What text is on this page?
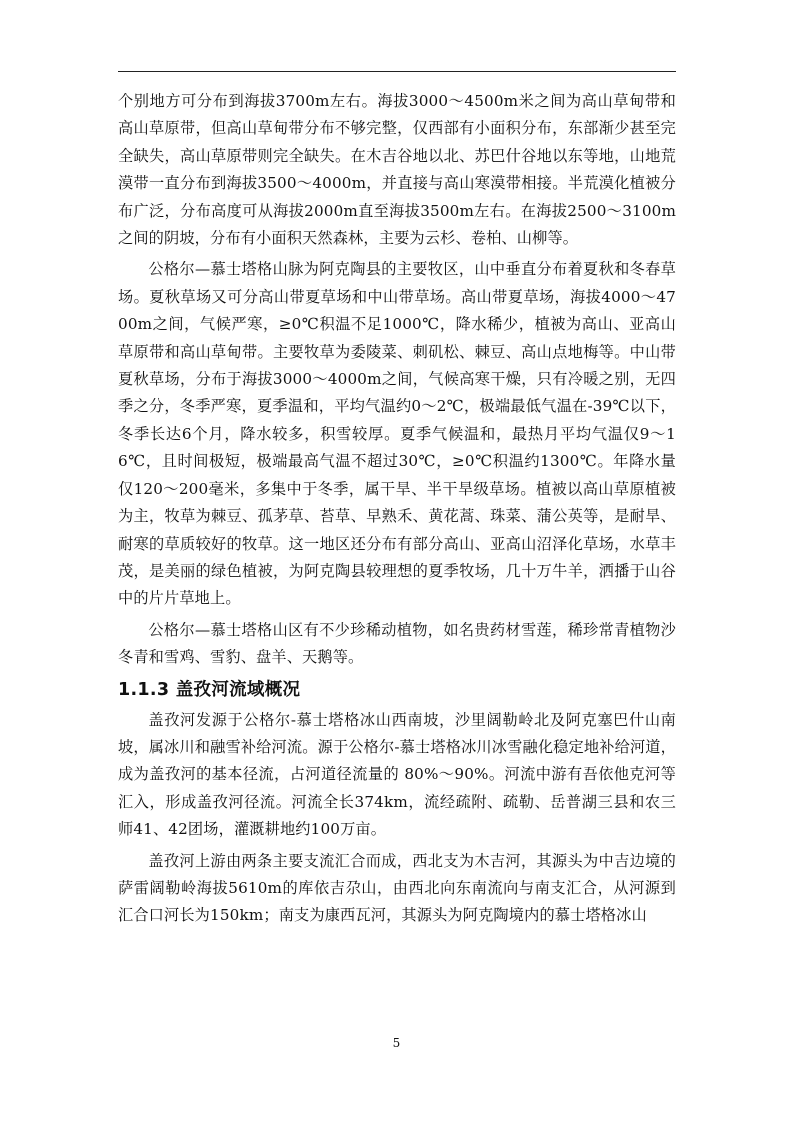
个别地方可分布到海拔3700m左右。海拔3000～4500m米之间为高山草甸带和高山草原带，但高山草甸带分布不够完整，仅西部有小面积分布，东部渐少甚至完全缺失，高山草原带则完全缺失。在木吉谷地以北、苏巴什谷地以东等地，山地荒漠带一直分布到海拔3500～4000m，并直接与高山寒漠带相接。半荒漠化植被分布广泛，分布高度可从海拔2000m直至海拔3500m左右。在海拔2500～3100m之间的阴坡，分布有小面积天然森林，主要为云杉、卷柏、山柳等。

公格尔—慕士塔格山脉为阿克陶县的主要牧区，山中垂直分布着夏秋和冬春草场。夏秋草场又可分高山带夏草场和中山带草场。高山带夏草场，海拔4000～4700m之间，气候严寒，≥0℃积温不足1000℃，降水稀少，植被为高山、亚高山草原带和高山草甸带。主要牧草为委陵菜、刺矶松、棘豆、高山点地梅等。中山带夏秋草场，分布于海拔3000～4000m之间，气候高寒干燥，只有冷暖之别，无四季之分，冬季严寒，夏季温和，平均气温约0～2℃，极端最低气温在-39℃以下，冬季长达6个月，降水较多，积雪较厚。夏季气候温和，最热月平均气温仅9～16℃，且时间极短，极端最高气温不超过30℃，≥0℃积温约1300℃。年降水量仅120～200毫米，多集中于冬季，属干旱、半干旱级草场。植被以高山草原植被为主，牧草为棘豆、孤茅草、苔草、早熟禾、黄花蒿、珠菜、蒲公英等，是耐旱、耐寒的草质较好的牧草。这一地区还分布有部分高山、亚高山沼泽化草场，水草丰茂，是美丽的绿色植被，为阿克陶县较理想的夏季牧场，几十万牛羊，洒播于山谷中的片片草地上。

公格尔—慕士塔格山区有不少珍稀动植物，如名贵药材雪莲，稀珍常青植物沙冬青和雪鸡、雪豹、盘羊、天鹅等。

1.1.3 盖孜河流域概况

盖孜河发源于公格尔-慕士塔格冰山西南坡，沙里阔勒岭北及阿克塞巴什山南坡，属冰川和融雪补给河流。源于公格尔-慕士塔格冰川冰雪融化稳定地补给河道，成为盖孜河的基本径流，占河道径流量的 80%～90%。河流中游有吾依他克河等汇入，形成盖孜河径流。河流全长374km，流经疏附、疏勒、岳普湖三县和农三师41、42团场，灌溉耕地约100万亩。

盖孜河上游由两条主要支流汇合而成，西北支为木吉河，其源头为中吉边境的萨雷阔勒岭海拔5610m的库依吉尕山，由西北向东南流向与南支汇合，从河源到汇合口河长为150km；南支为康西瓦河，其源头为阿克陶境内的慕士塔格冰山

5
